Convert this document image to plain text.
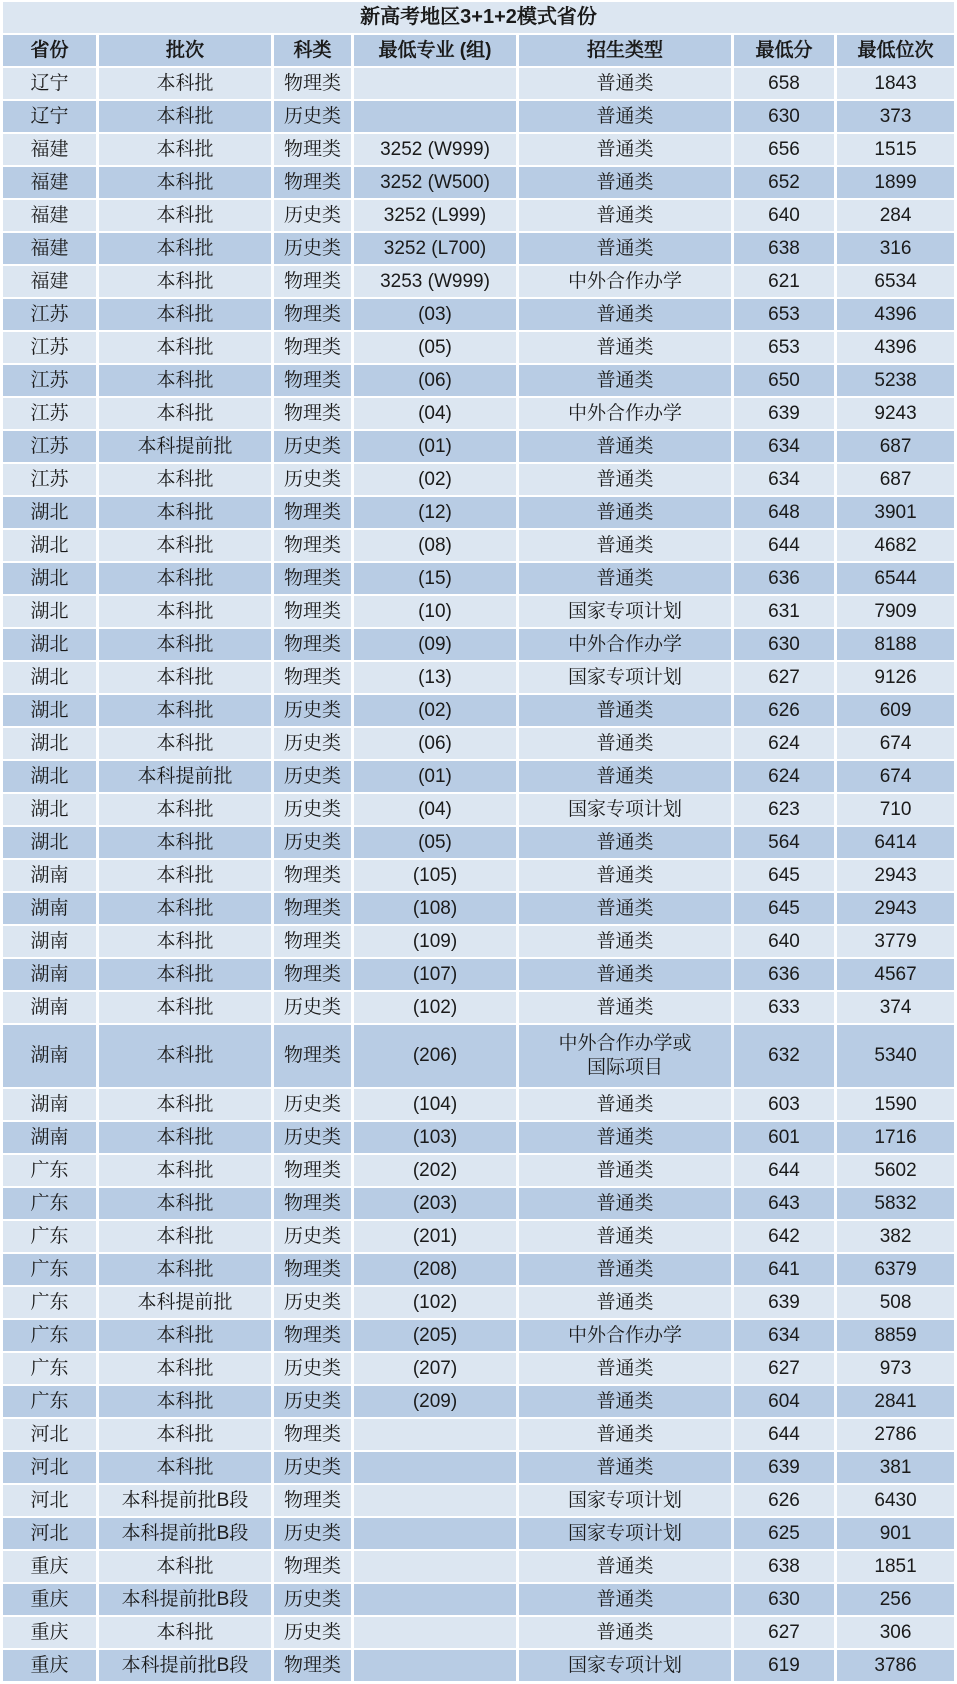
新高考地区3+1+2模式省份						
省份	批次	科类	最低专业 (组)	招生类型	最低分	最低位次
辽宁	本科批	物理类		普通类	658	1843
辽宁	本科批	历史类		普通类	630	373
福建	本科批	物理类	3252 (W999)	普通类	656	1515
福建	本科批	物理类	3252 (W500)	普通类	652	1899
福建	本科批	历史类	3252 (L999)	普通类	640	284
福建	本科批	历史类	3252 (L700)	普通类	638	316
福建	本科批	物理类	3253 (W999)	中外合作办学	621	6534
江苏	本科批	物理类	(03)	普通类	653	4396
江苏	本科批	物理类	(05)	普通类	653	4396
江苏	本科批	物理类	(06)	普通类	650	5238
江苏	本科批	物理类	(04)	中外合作办学	639	9243
江苏	本科提前批	历史类	(01)	普通类	634	687
江苏	本科批	历史类	(02)	普通类	634	687
湖北	本科批	物理类	(12)	普通类	648	3901
湖北	本科批	物理类	(08)	普通类	644	4682
湖北	本科批	物理类	(15)	普通类	636	6544
湖北	本科批	物理类	(10)	国家专项计划	631	7909
湖北	本科批	物理类	(09)	中外合作办学	630	8188
湖北	本科批	物理类	(13)	国家专项计划	627	9126
湖北	本科批	历史类	(02)	普通类	626	609
湖北	本科批	历史类	(06)	普通类	624	674
湖北	本科提前批	历史类	(01)	普通类	624	674
湖北	本科批	历史类	(04)	国家专项计划	623	710
湖北	本科批	历史类	(05)	普通类	564	6414
湖南	本科批	物理类	(105)	普通类	645	2943
湖南	本科批	物理类	(108)	普通类	645	2943
湖南	本科批	物理类	(109)	普通类	640	3779
湖南	本科批	物理类	(107)	普通类	636	4567
湖南	本科批	历史类	(102)	普通类	633	374
湖南	本科批	物理类	(206)	中外合作办学或国际项目	632	5340
湖南	本科批	历史类	(104)	普通类	603	1590
湖南	本科批	历史类	(103)	普通类	601	1716
广东	本科批	物理类	(202)	普通类	644	5602
广东	本科批	物理类	(203)	普通类	643	5832
广东	本科批	历史类	(201)	普通类	642	382
广东	本科批	物理类	(208)	普通类	641	6379
广东	本科提前批	历史类	(102)	普通类	639	508
广东	本科批	物理类	(205)	中外合作办学	634	8859
广东	本科批	历史类	(207)	普通类	627	973
广东	本科批	历史类	(209)	普通类	604	2841
河北	本科批	物理类		普通类	644	2786
河北	本科批	历史类		普通类	639	381
河北	本科提前批B段	物理类		国家专项计划	626	6430
河北	本科提前批B段	历史类		国家专项计划	625	901
重庆	本科批	物理类		普通类	638	1851
重庆	本科提前批B段	历史类		普通类	630	256
重庆	本科批	历史类		普通类	627	306
重庆	本科提前批B段	物理类		国家专项计划	619	3786
